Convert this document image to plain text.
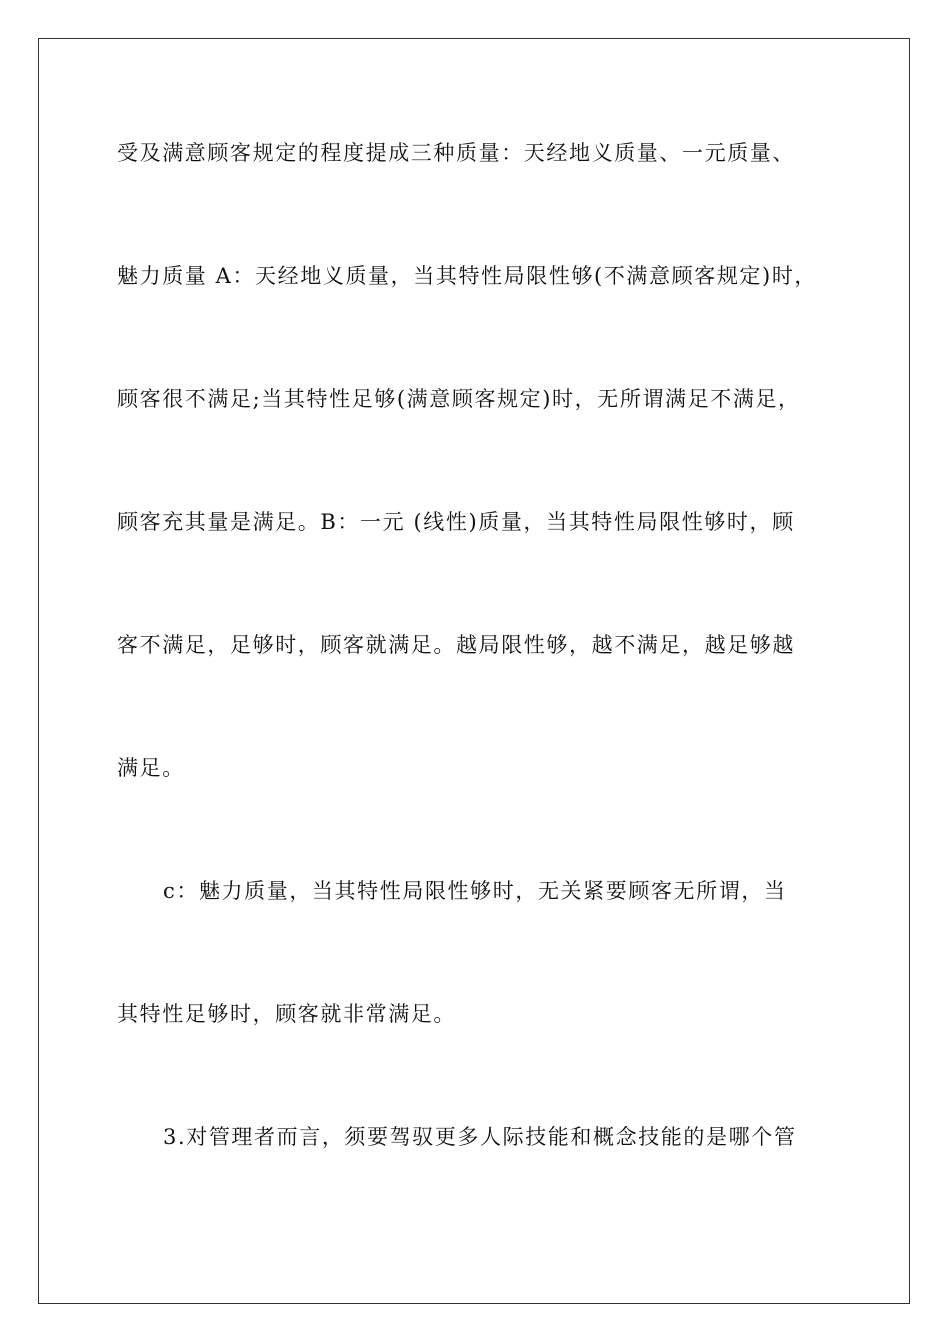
受及满意顾客规定的程度提成三种质量：天经地义质量、一元质量、
魅力质量 A：天经地义质量，当其特性局限性够(不满意顾客规定)时，
顾客很不满足;当其特性足够(满意顾客规定)时，无所谓满足不满足，
顾客充其量是满足。B：一元 (线性)质量，当其特性局限性够时，顾
客不满足，足够时，顾客就满足。越局限性够，越不满足，越足够越
满足。
c：魅力质量，当其特性局限性够时，无关紧要顾客无所谓，当
其特性足够时，顾客就非常满足。
3.对管理者而言，须要驾驭更多人际技能和概念技能的是哪个管
